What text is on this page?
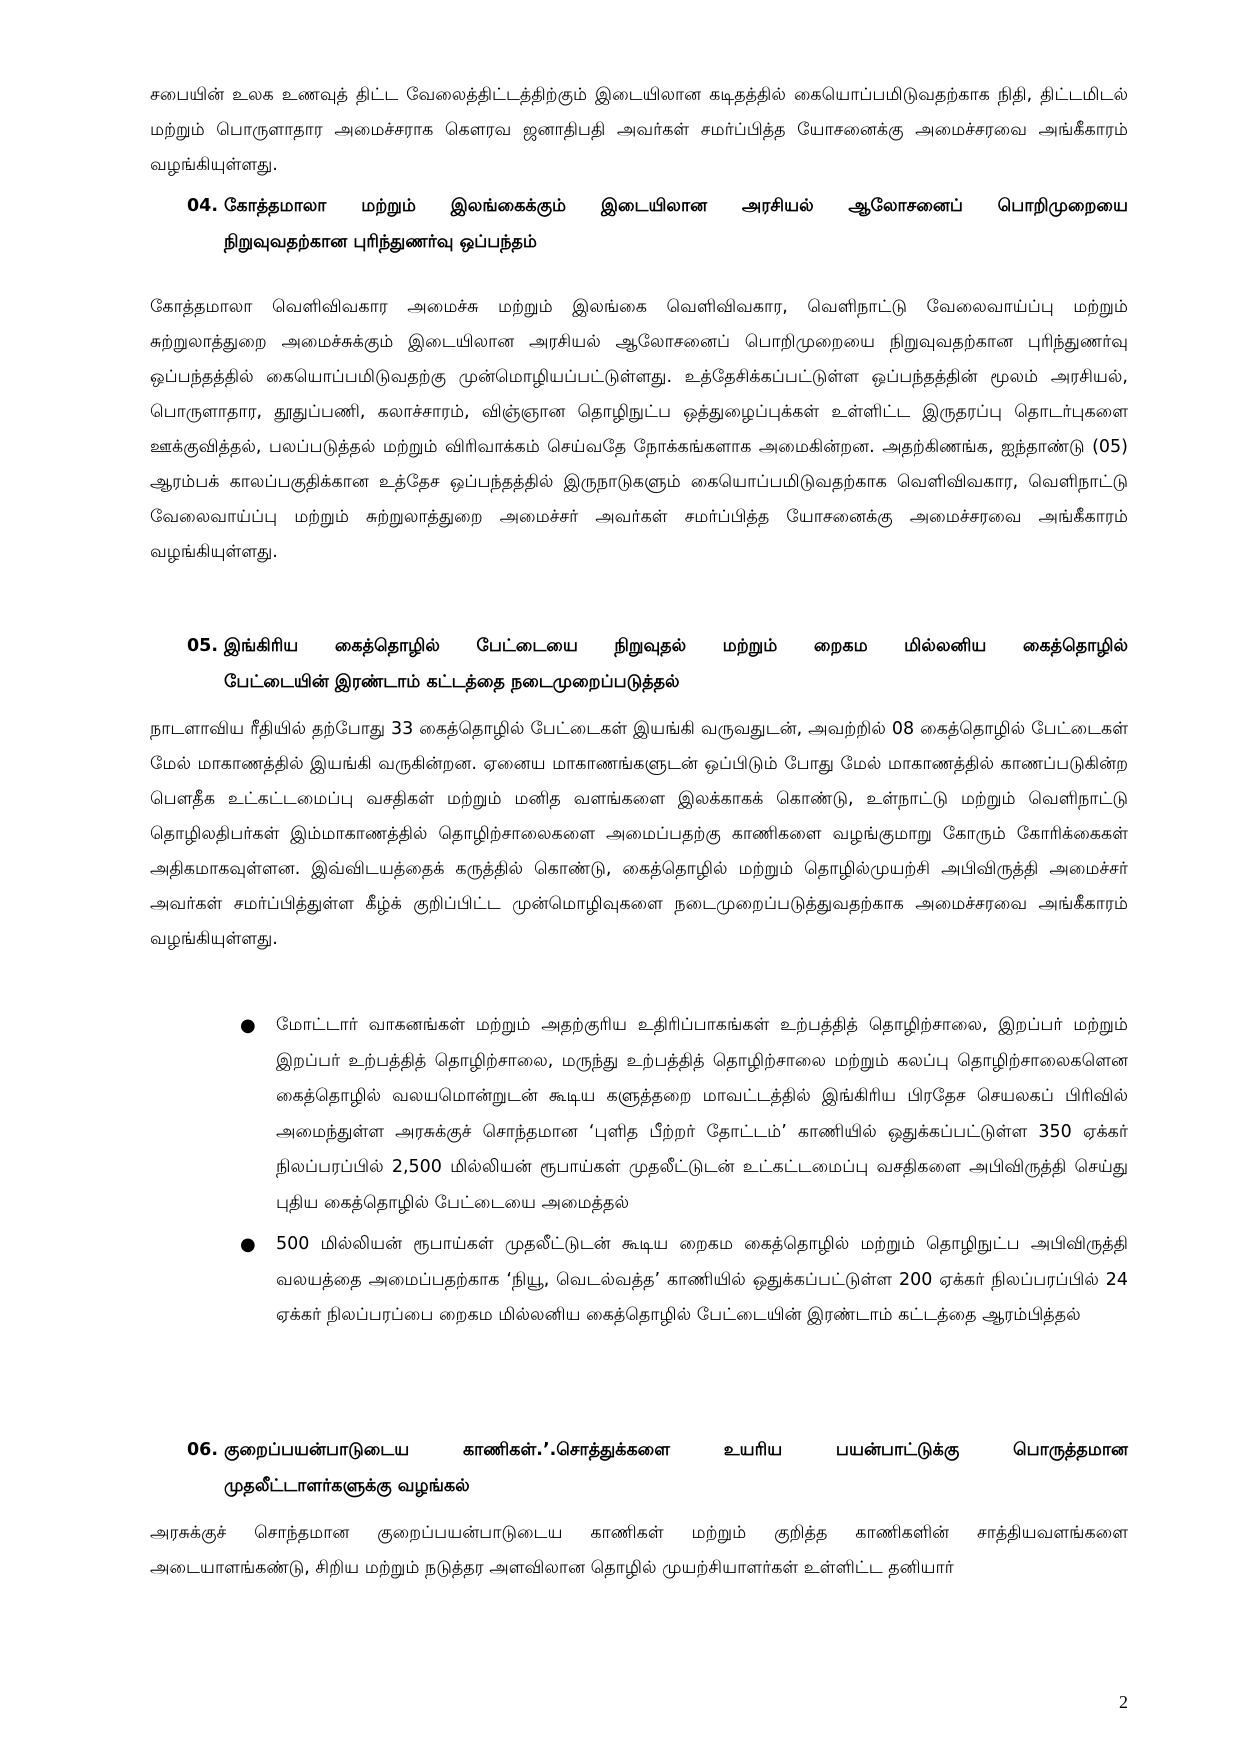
சபையின் உலக உணவுத் திட்ட வேலைத்திட்டத்திற்கும் இடையிலான கடிதத்தில் கையொப்பமிடுவதற்காக நிதி, திட்டமிடல் மற்றும் பொருளாதார அமைச்சராக கௌரவ ஜனாதிபதி அவர்கள் சமர்ப்பித்த யோசனைக்கு அமைச்சரவை அங்கீகாரம் வழங்கியுள்ளது.

04. கோத்தமாலா மற்றும் இலங்கைக்கும் இடையிலான அரசியல் ஆலோசனைப் பொறிமுறையை
நிறுவுவதற்கான புரிந்துணர்வு ஒப்பந்தம்

கோத்தமாலா வெளிவிவகார அமைச்சு மற்றும் இலங்கை வெளிவிவகார, வெளிநாட்டு வேலைவாய்ப்பு மற்றும் சுற்றுலாத்துறை அமைச்சுக்கும் இடையிலான அரசியல் ஆலோசனைப் பொறிமுறையை நிறுவுவதற்கான புரிந்துணர்வு ஒப்பந்தத்தில் கையொப்பமிடுவதற்கு முன்மொழியப்பட்டுள்ளது. உத்தேசிக்கப்பட்டுள்ள ஒப்பந்தத்தின் மூலம் அரசியல், பொருளாதார, தூதுப்பணி, கலாச்சாரம், விஞ்ஞான தொழிநுட்ப ஒத்துழைப்புக்கள் உள்ளிட்ட இருதரப்பு தொடர்புகளை ஊக்குவித்தல், பலப்படுத்தல் மற்றும் விரிவாக்கம் செய்வதே நோக்கங்களாக அமைகின்றன. அதற்கிணங்க, ஐந்தாண்டு (05) ஆரம்பக் காலப்பகுதிக்கான உத்தேச ஒப்பந்தத்தில் இருநாடுகளும் கையொப்பமிடுவதற்காக வெளிவிவகார, வெளிநாட்டு வேலைவாய்ப்பு மற்றும் சுற்றுலாத்துறை அமைச்சர் அவர்கள் சமர்ப்பித்த யோசனைக்கு அமைச்சரவை அங்கீகாரம் வழங்கியுள்ளது.

05. இங்கிரிய கைத்தொழில் பேட்டையை நிறுவுதல் மற்றும் றைகம மில்லனிய கைத்தொழில்
பேட்டையின் இரண்டாம் கட்டத்தை நடைமுறைப்படுத்தல்

நாடளாவிய ரீதியில் தற்போது 33 கைத்தொழில் பேட்டைகள் இயங்கி வருவதுடன், அவற்றில் 08 கைத்தொழில் பேட்டைகள் மேல் மாகாணத்தில் இயங்கி வருகின்றன. ஏனைய மாகாணங்களுடன் ஒப்பிடும் போது மேல் மாகாணத்தில் காணப்படுகின்ற பௌதீக உட்கட்டமைப்பு வசதிகள் மற்றும் மனித வளங்களை இலக்காகக் கொண்டு, உள்நாட்டு மற்றும் வெளிநாட்டு தொழிலதிபர்கள் இம்மாகாணத்தில் தொழிற்சாலைகளை அமைப்பதற்கு காணிகளை வழங்குமாறு கோரும் கோரிக்கைகள் அதிகமாகவுள்ளன. இவ்விடயத்தைக் கருத்தில் கொண்டு, கைத்தொழில் மற்றும் தொழில்முயற்சி அபிவிருத்தி அமைச்சர் அவர்கள் சமர்ப்பித்துள்ள கீழ்க் குறிப்பிட்ட முன்மொழிவுகளை நடைமுறைப்படுத்துவதற்காக அமைச்சரவை அங்கீகாரம் வழங்கியுள்ளது.

● மோட்டார் வாகனங்கள் மற்றும் அதற்குரிய உதிரிப்பாகங்கள் உற்பத்தித் தொழிற்சாலை, இறப்பர் மற்றும் இறப்பர் உற்பத்தித் தொழிற்சாலை, மருந்து உற்பத்தித் தொழிற்சாலை மற்றும் கலப்பு தொழிற்சாலைகளென கைத்தொழில் வலயமொன்றுடன் கூடிய களுத்தறை மாவட்டத்தில் இங்கிரிய பிரதேச செயலகப் பிரிவில் அமைந்துள்ள அரசுக்குச் சொந்தமான ‘புளித பீற்றர் தோட்டம்’ காணியில் ஒதுக்கப்பட்டுள்ள 350 ஏக்கர் நிலப்பரப்பில் 2,500 மில்லியன் ரூபாய்கள் முதலீட்டுடன் உட்கட்டமைப்பு வசதிகளை அபிவிருத்தி செய்து புதிய கைத்தொழில் பேட்டையை அமைத்தல்
● 500 மில்லியன் ரூபாய்கள் முதலீட்டுடன் கூடிய றைகம கைத்தொழில் மற்றும் தொழிநுட்ப அபிவிருத்தி வலயத்தை அமைப்பதற்காக ‘நியூ, வெடல்வத்த’ காணியில் ஒதுக்கப்பட்டுள்ள 200 ஏக்கர் நிலப்பரப்பில் 24 ஏக்கர் நிலப்பரப்பை றைகம மில்லனிய கைத்தொழில் பேட்டையின் இரண்டாம் கட்டத்தை ஆரம்பித்தல்
06. குறைப்பயன்பாடுடைய காணிகள்.’.சொத்துக்களை உயரிய பயன்பாட்டுக்கு பொருத்தமான
முதலீட்டாளர்களுக்கு வழங்கல்

அரசுக்குச் சொந்தமான குறைப்பயன்பாடுடைய காணிகள் மற்றும் குறித்த காணிகளின் சாத்தியவளங்களை அடையாளங்கண்டு, சிறிய மற்றும் நடுத்தர அளவிலான தொழில் முயற்சியாளர்கள் உள்ளிட்ட தனியார்

2
